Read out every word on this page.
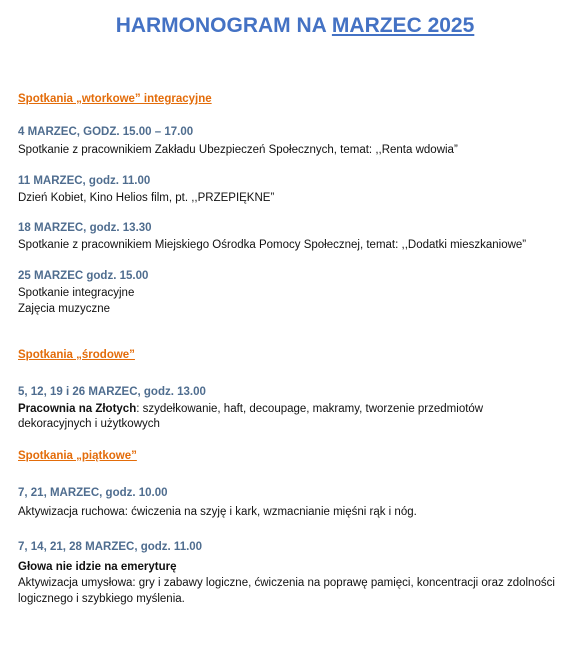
HARMONOGRAM NA MARZEC 2025
Spotkania „wtorkowe” integracyjne
4 MARZEC, GODZ. 15.00 – 17.00
Spotkanie z pracownikiem Zakładu Ubezpieczeń Społecznych, temat: ,,Renta wdowia”
11 MARZEC, godz. 11.00
Dzień Kobiet, Kino Helios film, pt. ,,PRZEPIĘKNE”
18 MARZEC, godz. 13.30
Spotkanie z pracownikiem Miejskiego Ośrodka Pomocy Społecznej, temat: ,,Dodatki mieszkaniowe”
25 MARZEC godz. 15.00
Spotkanie integracyjne
Zajęcia muzyczne
Spotkania „środowe”
5, 12, 19 i 26 MARZEC, godz. 13.00
Pracownia na Złotych: szydełkowanie, haft, decoupage, makramy, tworzenie przedmiotów
dekoracyjnych i użytkowych
Spotkania „piątkowe”
7, 21, MARZEC, godz. 10.00
Aktywizacja ruchowa: ćwiczenia na szyję i kark, wzmacnianie mięśni rąk i nóg.
7, 14, 21, 28 MARZEC, godz. 11.00
Głowa nie idzie na emeryturę
Aktywizacja umysłowa: gry i zabawy logiczne, ćwiczenia na poprawę pamięci, koncentracji oraz zdolności
logicznego i szybkiego myślenia.
